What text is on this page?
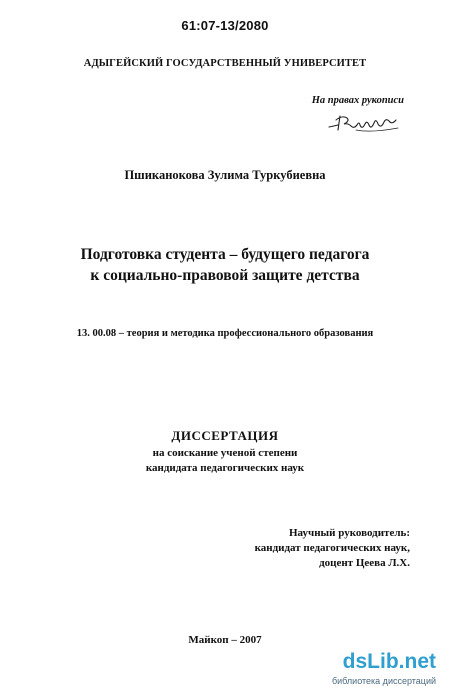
61:07-13/2080
АДЫГЕЙСКИЙ ГОСУДАРСТВЕННЫЙ УНИВЕРСИТЕТ
На правах рукописи
Пшиканокова Зулима Туркубиевна
Подготовка студента – будущего педагога
к социально-правовой защите детства
13. 00.08 – теория и методика профессионального образования
ДИССЕРТАЦИЯ
на соискание ученой степени
кандидата педагогических наук
Научный руководитель:
кандидат педагогических наук,
доцент Цеева Л.Х.
Майкоп – 2007
dsLib.net
библиотека диссертаций
